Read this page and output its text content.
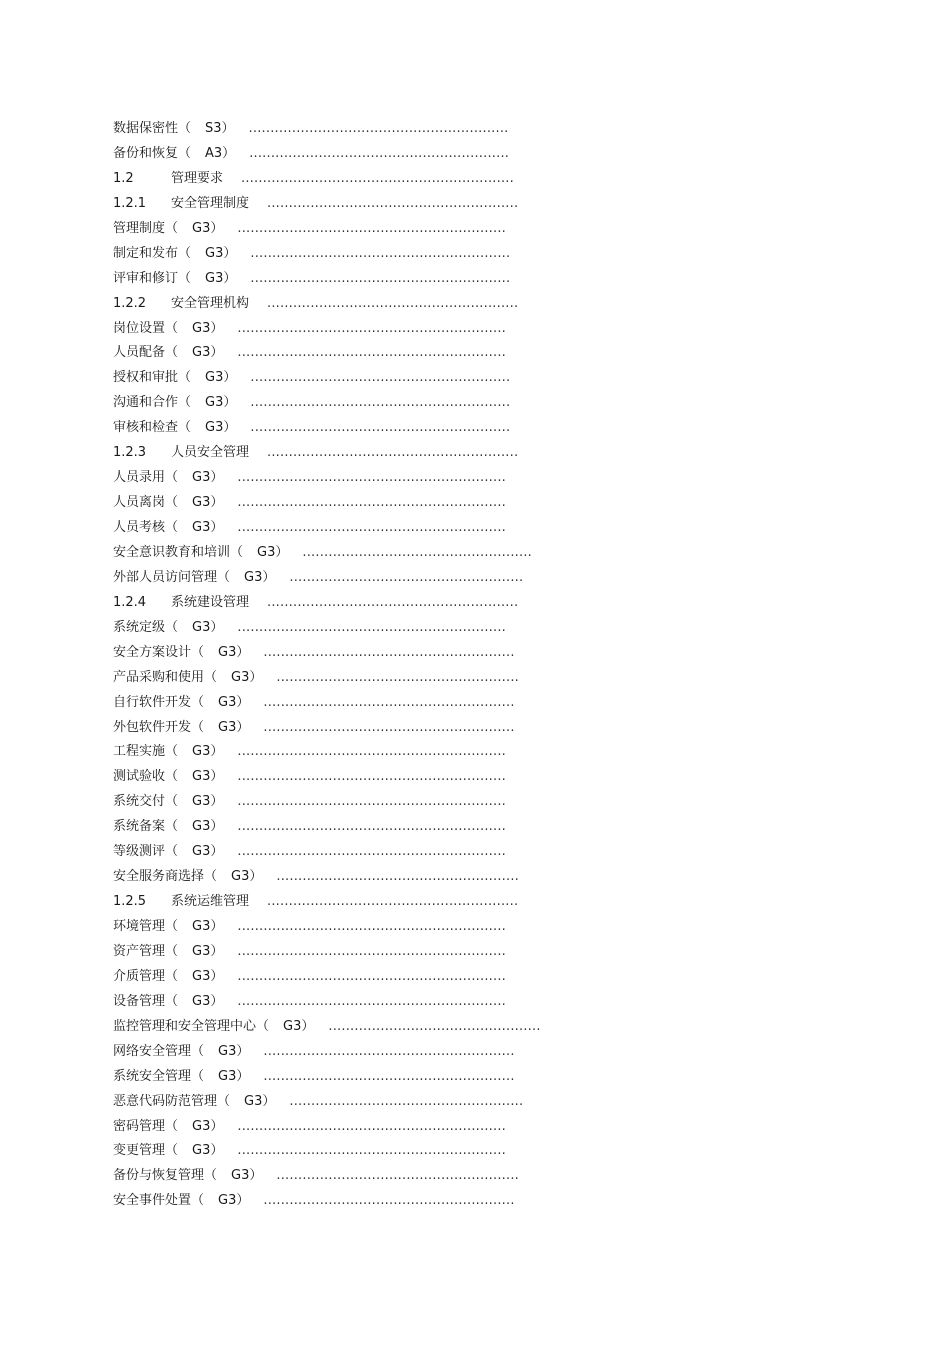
数据保密性（ S3） ............................................................
备份和恢复（ A3） ............................................................
1.2	管理要求 ...............................................................
1.2.1 安全管理制度 ..........................................................
管理制度（ G3） ..............................................................
制定和发布（ G3） ............................................................
评审和修订（ G3） ............................................................
1.2.2 安全管理机构 ..........................................................
岗位设置（ G3） ..............................................................
人员配备（ G3） ..............................................................
授权和审批（ G3） ............................................................
沟通和合作（ G3） ............................................................
审核和检查（ G3） ............................................................
1.2.3 人员安全管理 ..........................................................
人员录用（ G3） ..............................................................
人员离岗（ G3） ..............................................................
人员考核（ G3） ..............................................................
安全意识教育和培训（ G3） .....................................................
外部人员访问管理（ G3） ......................................................
1.2.4 系统建设管理 ..........................................................
系统定级（ G3） ..............................................................
安全方案设计（ G3） ..........................................................
产品采购和使用（ G3） ........................................................
自行软件开发（ G3） ..........................................................
外包软件开发（ G3） ..........................................................
工程实施（ G3） ..............................................................
测试验收（ G3） ..............................................................
系统交付（ G3） ..............................................................
系统备案（ G3） ..............................................................
等级测评（ G3） ..............................................................
安全服务商选择（ G3） ........................................................
1.2.5 系统运维管理 ..........................................................
环境管理（ G3） ..............................................................
资产管理（ G3） ..............................................................
介质管理（ G3） ..............................................................
设备管理（ G3） ..............................................................
监控管理和安全管理中心（ G3） .................................................
网络安全管理（ G3） ..........................................................
系统安全管理（ G3） ..........................................................
恶意代码防范管理（ G3） ......................................................
密码管理（ G3） ..............................................................
变更管理（ G3） ..............................................................
备份与恢复管理（ G3） ........................................................
安全事件处置（ G3） ..........................................................
